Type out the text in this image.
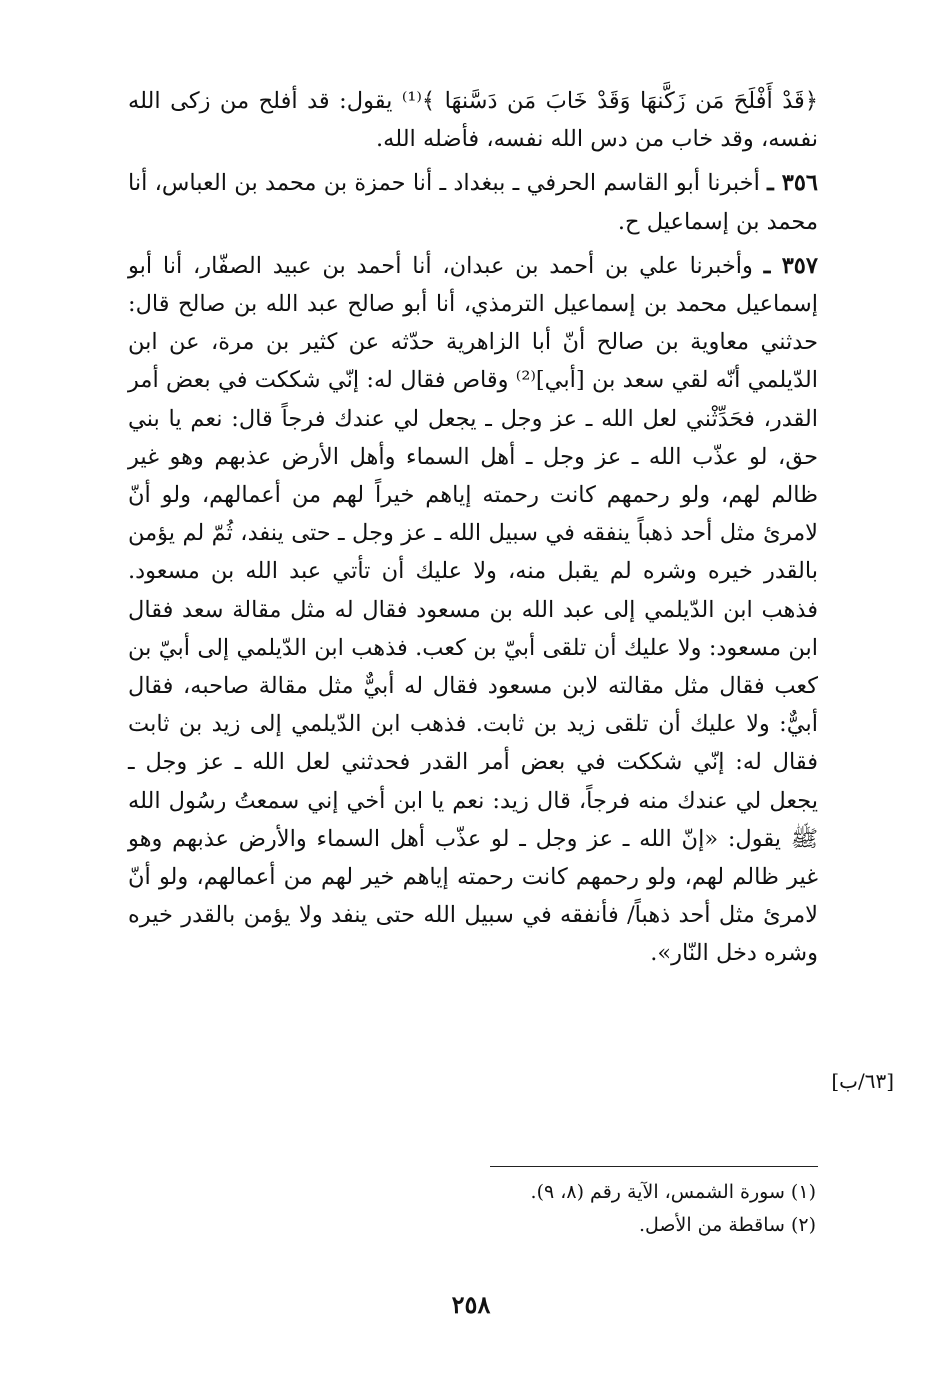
﴿قَدْ أَفْلَحَ مَن زَكَّنهَا وَقَدْ خَابَ مَن دَسَّنهَا ﴾⁽¹⁾ يقول: قد أفلح من زكى الله نفسه، وقد خاب من دس الله نفسه، فأضله الله.

٣٥٦ ـ أخبرنا أبو القاسم الحرفي ـ ببغداد ـ أنا حمزة بن محمد بن العباس، أنا محمد بن إسماعيل ح.

٣٥٧ ـ وأخبرنا علي بن أحمد بن عبدان، أنا أحمد بن عبيد الصفّار، أنا أبو إسماعيل محمد بن إسماعيل الترمذي، أنا أبو صالح عبد الله بن صالح قال: حدثني معاوية بن صالح أنّ أبا الزاهرية حدّثه عن كثير بن مرة، عن ابن الدّيلمي أنّه لقي سعد بن [أبي]⁽²⁾ وقاص فقال له: إنّي شككت في بعض أمر القدر، فحَدِّثْني لعل الله ـ عز وجل ـ يجعل لي عندك فرجاً قال: نعم يا بني حق، لو عذّب الله ـ عز وجل ـ أهل السماء وأهل الأرض عذبهم وهو غير ظالم لهم، ولو رحمهم كانت رحمته إياهم خيراً لهم من أعمالهم، ولو أنّ لامرئ مثل أحد ذهباً ينفقه في سبيل الله ـ عز وجل ـ حتى ينفد، ثُمّ لم يؤمن بالقدر خيره وشره لم يقبل منه، ولا عليك أن تأتي عبد الله بن مسعود. فذهب ابن الدّيلمي إلى عبد الله بن مسعود فقال له مثل مقالة سعد فقال ابن مسعود: ولا عليك أن تلقى أبيّ بن كعب. فذهب ابن الدّيلمي إلى أبيّ بن كعب فقال مثل مقالته لابن مسعود فقال له أبيٌّ مثل مقالة صاحبه، فقال أبيٌّ: ولا عليك أن تلقى زيد بن ثابت. فذهب ابن الدّيلمي إلى زيد بن ثابت فقال له: إنّي شككت في بعض أمر القدر فحدثني لعل الله ـ عز وجل ـ يجعل لي عندك منه فرجاً، قال زيد: نعم يا ابن أخي إني سمعتُ رسُول الله ﷺ يقول: «إنّ الله ـ عز وجل ـ لو عذّب أهل السماء والأرض عذبهم وهو غير ظالم لهم، ولو رحمهم كانت رحمته إياهم خير لهم من أعمالهم، ولو أنّ لامرئ مثل أحد ذهباً/ فأنفقه في سبيل الله حتى ينفد ولا يؤمن بالقدر خيره وشره دخل النّار».

[٦٣/ب]

(١) سورة الشمس، الآية رقم (٨، ٩).

(٢) ساقطة من الأصل.

٢٥٨
